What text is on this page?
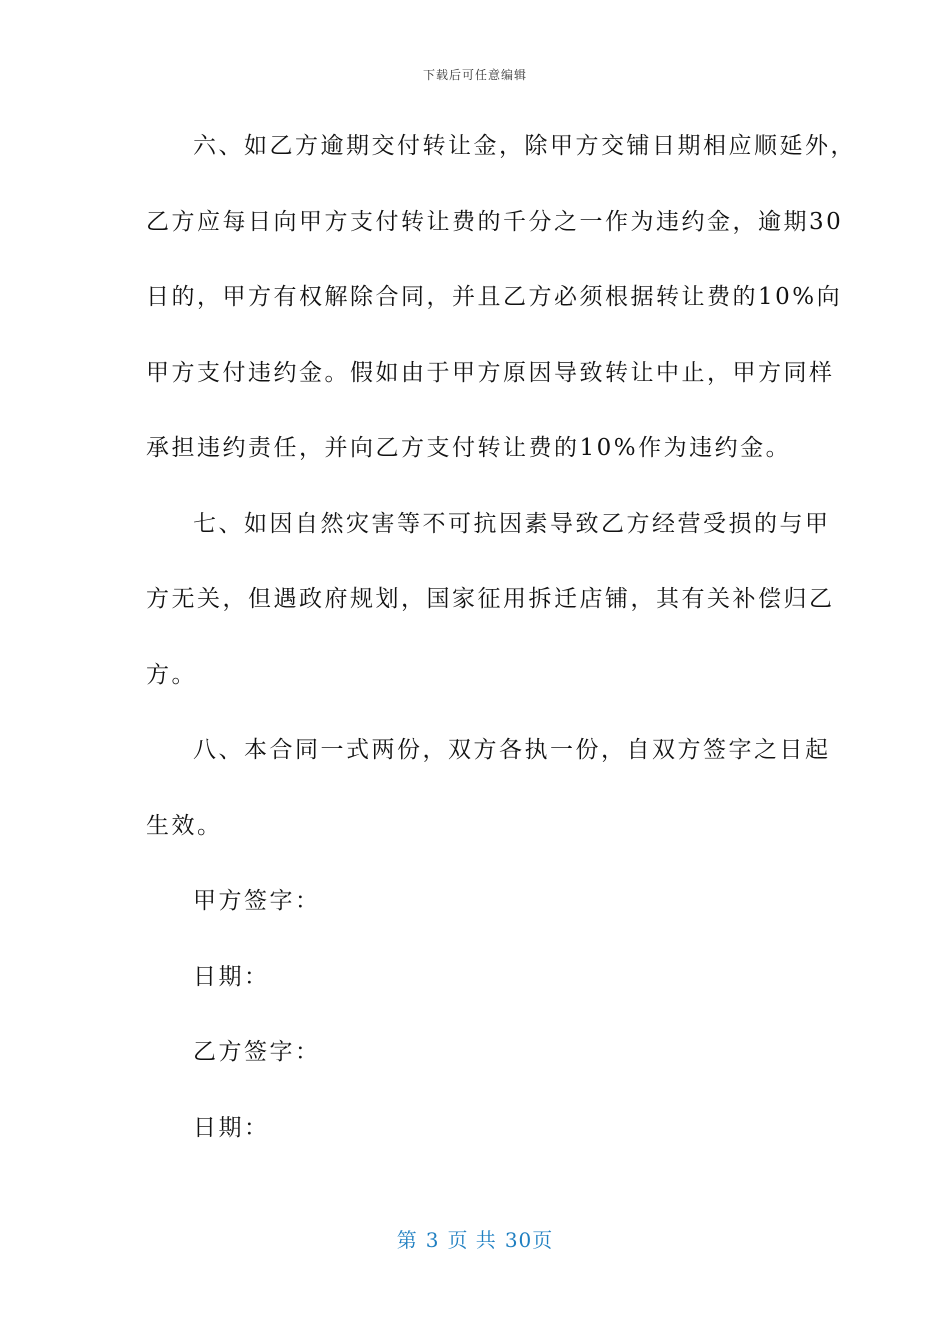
下载后可任意编辑
六、如乙方逾期交付转让金，除甲方交铺日期相应顺延外，
乙方应每日向甲方支付转让费的千分之一作为违约金，逾期30
日的，甲方有权解除合同，并且乙方必须根据转让费的10%向
甲方支付违约金。假如由于甲方原因导致转让中止，甲方同样
承担违约责任，并向乙方支付转让费的10%作为违约金。
七、如因自然灾害等不可抗因素导致乙方经营受损的与甲
方无关，但遇政府规划，国家征用拆迁店铺，其有关补偿归乙
方。
八、本合同一式两份，双方各执一份，自双方签字之日起
生效。
甲方签字：
日期：
乙方签字：
日期：
第 3 页 共 30页
